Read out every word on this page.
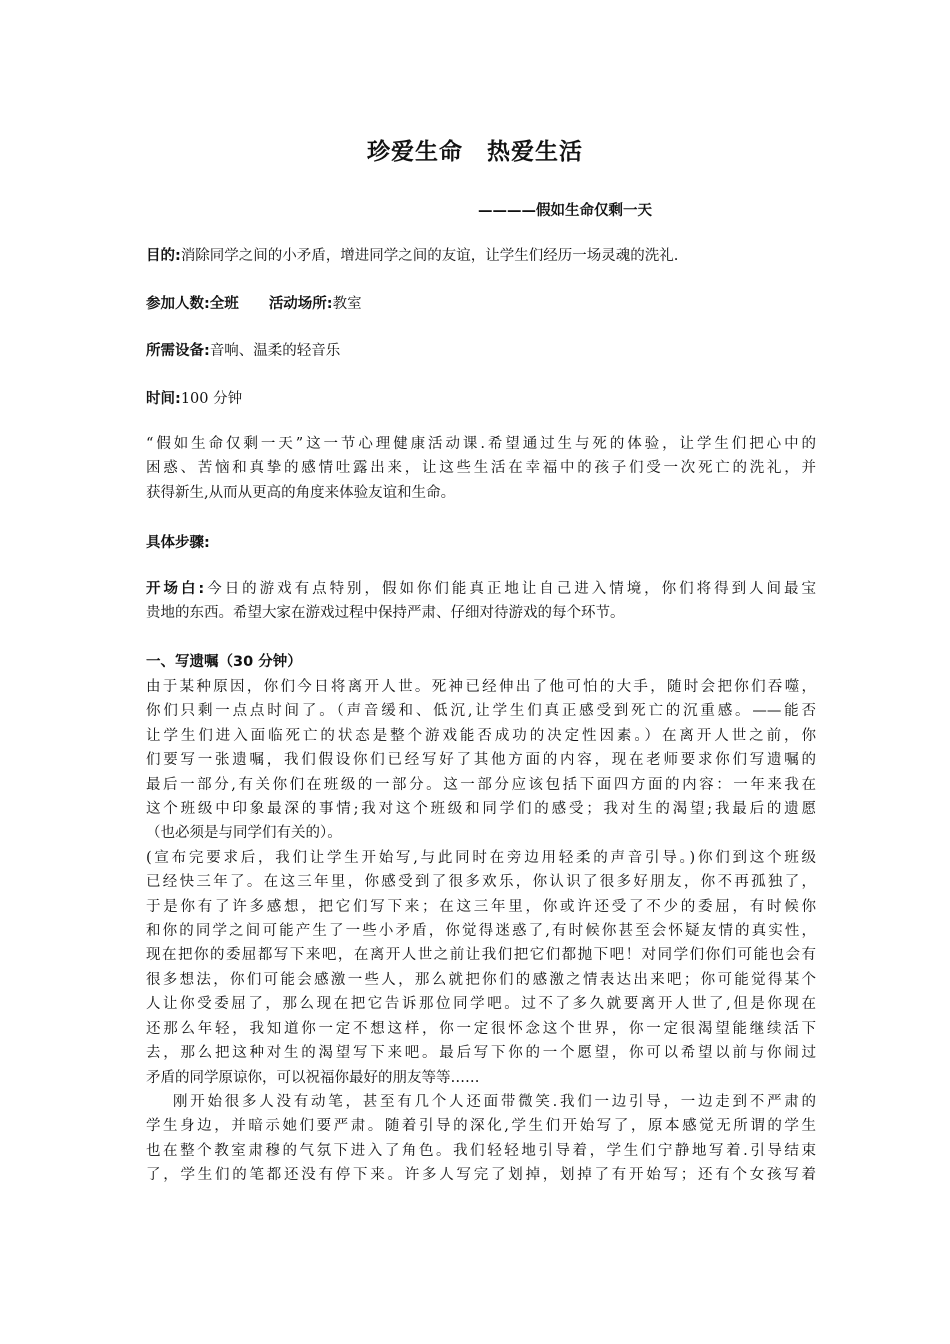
珍爱生命　热爱生活
————假如生命仅剩一天
目的:消除同学之间的小矛盾，增进同学之间的友谊，让学生们经历一场灵魂的洗礼.
参加人数:全班 活动场所:教室
所需设备:音响、温柔的轻音乐
时间:100 分钟
“假如生命仅剩一天”这一节心理健康活动课.希望通过生与死的体验，让学生们把心中的
困惑、苦恼和真挚的感情吐露出来，让这些生活在幸福中的孩子们受一次死亡的洗礼，并
获得新生,从而从更高的角度来体验友谊和生命。
具体步骤:
开场白:今日的游戏有点特别，假如你们能真正地让自己进入情境，你们将得到人间最宝
贵地的东西。希望大家在游戏过程中保持严肃、仔细对待游戏的每个环节。
一、写遗嘱（30 分钟）
由于某种原因，你们今日将离开人世。死神已经伸出了他可怕的大手，随时会把你们吞噬，
你们只剩一点点时间了。（声音缓和、低沉,让学生们真正感受到死亡的沉重感。——能否
让学生们进入面临死亡的状态是整个游戏能否成功的决定性因素。）在离开人世之前，你
们要写一张遗嘱，我们假设你们已经写好了其他方面的内容，现在老师要求你们写遗嘱的
最后一部分,有关你们在班级的一部分。这一部分应该包括下面四方面的内容：一年来我在
这个班级中印象最深的事情;我对这个班级和同学们的感受；我对生的渴望;我最后的遗愿
（也必须是与同学们有关的）。
(宣布完要求后，我们让学生开始写,与此同时在旁边用轻柔的声音引导。)你们到这个班级
已经快三年了。在这三年里，你感受到了很多欢乐，你认识了很多好朋友，你不再孤独了，
于是你有了许多感想，把它们写下来；在这三年里，你或许还受了不少的委屈，有时候你
和你的同学之间可能产生了一些小矛盾，你觉得迷惑了,有时候你甚至会怀疑友情的真实性，
现在把你的委屈都写下来吧，在离开人世之前让我们把它们都抛下吧！对同学们你们可能也会有
很多想法，你们可能会感激一些人，那么就把你们的感激之情表达出来吧；你可能觉得某个
人让你受委屈了，那么现在把它告诉那位同学吧。过不了多久就要离开人世了,但是你现在
还那么年轻，我知道你一定不想这样，你一定很怀念这个世界，你一定很渴望能继续活下
去，那么把这种对生的渴望写下来吧。最后写下你的一个愿望，你可以希望以前与你闹过
矛盾的同学原谅你，可以祝福你最好的朋友等等……
刚开始很多人没有动笔，甚至有几个人还面带微笑.我们一边引导，一边走到不严肃的
学生身边，并暗示她们要严肃。随着引导的深化,学生们开始写了，原本感觉无所谓的学生
也在整个教室肃穆的气氛下进入了角色。我们轻轻地引导着，学生们宁静地写着.引导结束
了，学生们的笔都还没有停下来。许多人写完了划掉，划掉了有开始写；还有个女孩写着
